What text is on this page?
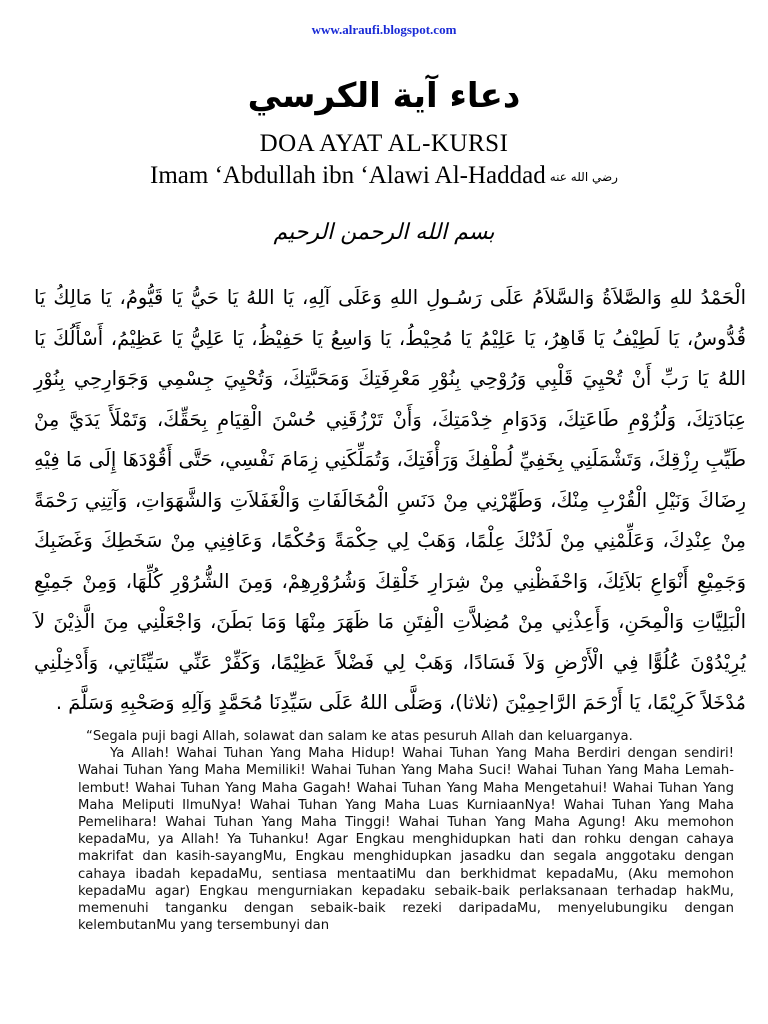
www.alraufi.blogspot.com
دعاء آية الكرسي
DOA AYAT AL-KURSI
Imam ‘Abdullah ibn ‘Alawi Al-Haddad رضي الله عنه
بسم الله الرحمن الرحيم
الْحَمْدُ للهِ وَالصَّلاَةُ وَالسَّلاَمُ عَلَى رَسُـولِ اللهِ وَعَلَى آلِهِ، يَا اللهُ يَا حَيُّ يَا قَيُّومُ، يَا مَالِكُ يَا قُدُّوسُ، يَا لَطِيْفُ يَا قَاهِرُ، يَا عَلِيْمُ يَا مُحِيْطُ، يَا وَاسِعُ يَا حَفِيْظُ، يَا عَلِيُّ يَا عَظِيْمُ، أَسْأَلُكَ يَا اللهُ يَا رَبِّ أَنْ تُحْيِيَ قَلْبِي وَرُوْحِي بِنُوْرِ مَعْرِفَتِكَ وَمَحَبَّتِكَ، وَتُحْيِيَ جِسْمِي وَجَوَارِحِي بِنُوْرِ عِبَادَتِكَ، وَلُزُوْمِ طَاعَتِكَ، وَدَوَامِ خِدْمَتِكَ، وَأَنْ تَرْزُقَنِي حُسْنَ الْقِيَامِ بِحَقِّكَ، وَتَمْلَأَ يَدَيَّ مِنْ طَيِّبِ رِزْقِكَ، وَتَشْمَلَنِي بِخَفِيِّ لُطْفِكَ وَرَأْفَتِكَ، وَتُمَلِّكَنِي زِمَامَ نَفْسِي، حَتَّى أَقُوْدَهَا إِلَى مَا فِيْهِ رِضَاكَ وَنَيْلِ الْقُرْبِ مِنْكَ، وَطَهِّرْنِي مِنْ دَنَسِ الْمُخَالَفَاتِ وَالْغَفَلاَتِ وَالشَّهَوَاتِ، وَآتِنِي رَحْمَةً مِنْ عِنْدِكَ، وَعَلِّمْنِي مِنْ لَدُنْكَ عِلْمًا، وَهَبْ لِي حِكْمَةً وَحُكْمًا، وَعَافِنِي مِنْ سَخَطِكَ وَغَضَبِكَ وَجَمِيْعِ أَنْوَاعِ بَلاَئِكَ، وَاحْفَظْنِي مِنْ شِرَارِ خَلْقِكَ وَشُرُوْرِهِمْ، وَمِنَ الشُّرُوْرِ كُلِّهَا، وَمِنْ جَمِيْعِ الْبَلِيَّاتِ وَالْمِحَنِ، وَأَعِذْنِي مِنْ مُضِلاَّتِ الْفِتَنِ مَا ظَهَرَ مِنْهَا وَمَا بَطَنَ، وَاجْعَلْنِي مِنَ الَّذِيْنَ لاَ يُرِيْدُوْنَ عُلُوًّا فِي الْأَرْضِ وَلاَ فَسَادًا، وَهَبْ لِي فَضْلاً عَظِيْمًا، وَكَفِّرْ عَنِّي سَيِّئَاتِي، وَأَدْخِلْنِي مُدْخَلاً كَرِيْمًا، يَا أَرْحَمَ الرَّاحِمِيْنَ (ثلاثا)، وَصَلَّى اللهُ عَلَى سَيِّدِنَا مُحَمَّدٍ وَآلِهِ وَصَحْبِهِ وَسَلَّمَ .

“Segala puji bagi Allah, solawat dan salam ke atas pesuruh Allah dan keluarganya.

Ya Allah! Wahai Tuhan Yang Maha Hidup! Wahai Tuhan Yang Maha Berdiri dengan sendiri! Wahai Tuhan Yang Maha Memiliki! Wahai Tuhan Yang Maha Suci! Wahai Tuhan Yang Maha Lemah-lembut! Wahai Tuhan Yang Maha Gagah! Wahai Tuhan Yang Maha Mengetahui! Wahai Tuhan Yang Maha Meliputi IlmuNya! Wahai Tuhan Yang Maha Luas KurniaanNya! Wahai Tuhan Yang Maha Pemelihara! Wahai Tuhan Yang Maha Tinggi! Wahai Tuhan Yang Maha Agung! Aku memohon kepadaMu, ya Allah! Ya Tuhanku! Agar Engkau menghidupkan hati dan rohku dengan cahaya makrifat dan kasih-sayangMu, Engkau menghidupkan jasadku dan segala anggotaku dengan cahaya ibadah kepadaMu, sentiasa mentaatiMu dan berkhidmat kepadaMu, (Aku memohon kepadaMu agar) Engkau mengurniakan kepadaku sebaik-baik perlaksanaan terhadap hakMu, memenuhi tanganku dengan sebaik-baik rezeki daripadaMu, menyelubungiku dengan kelembutanMu yang tersembunyi dan
